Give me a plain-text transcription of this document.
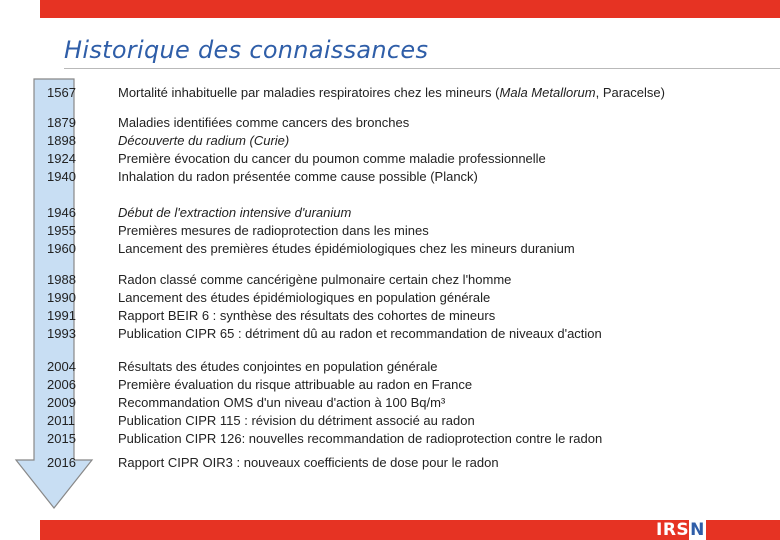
Historique des connaissances
1567	Mortalité inhabituelle par maladies respiratoires chez les mineurs (Mala Metallorum, Paracelse)
1879
1898
1924
1940
Maladies identifiées comme cancers des bronches
Découverte du radium (Curie)
Première évocation du cancer du poumon comme maladie professionnelle
Inhalation du radon présentée comme cause possible (Planck)
1946
1955
1960
Début de l'extraction intensive d'uranium
Premières mesures de radioprotection dans les mines
Lancement des premières études épidémiologiques chez les mineurs duranium
1988
1990
1991
1993
Radon classé comme cancérigène pulmonaire certain chez l'homme
Lancement des études épidémiologiques en population générale
Rapport BEIR 6 : synthèse des résultats des cohortes de mineurs
Publication CIPR 65 : détriment dû au radon et recommandation de niveaux d'action
2004
2006
2009
2011
2015
Résultats des études conjointes en population générale
Première évaluation du risque attribuable au radon en France
Recommandation OMS d'un niveau d'action à 100 Bq/m³
Publication CIPR 115 : révision du détriment associé au radon
Publication CIPR 126: nouvelles recommandation de radioprotection contre le radon
2016	Rapport CIPR OIR3 : nouveaux coefficients de dose pour le radon
IRSN
